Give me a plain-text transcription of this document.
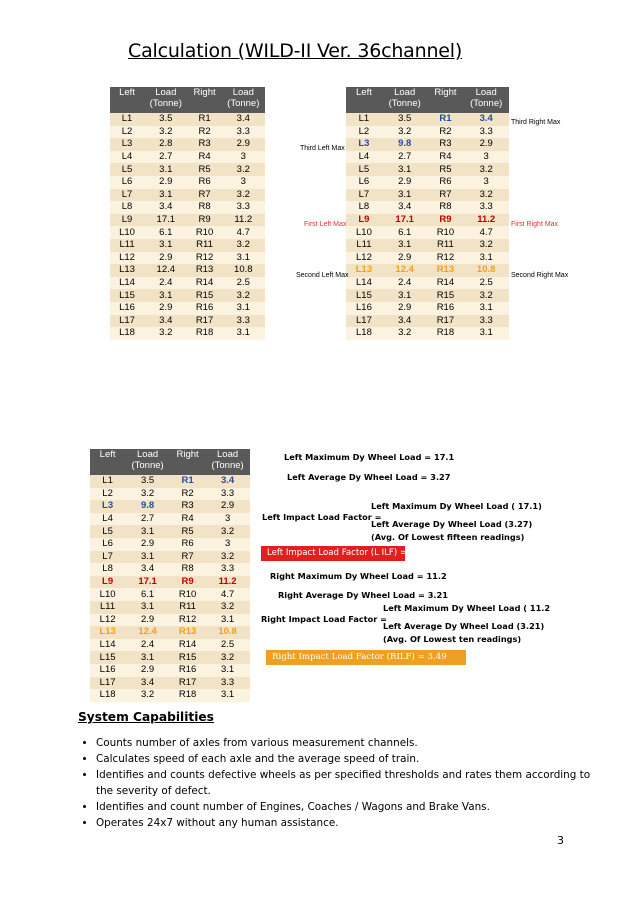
Calculation (WILD-II Ver. 36channel)
Left	Load (Tonne)	Right	Load (Tonne)
L1	3.5	R1	3.4
L2	3.2	R2	3.3
L3	2.8	R3	2.9
L4	2.7	R4	3
L5	3.1	R5	3.2
L6	2.9	R6	3
L7	3.1	R7	3.2
L8	3.4	R8	3.3
L9	17.1	R9	11.2
L10	6.1	R10	4.7
L11	3.1	R11	3.2
L12	2.9	R12	3.1
L13	12.4	R13	10.8
L14	2.4	R14	2.5
L15	3.1	R15	3.2
L16	2.9	R16	3.1
L17	3.4	R17	3.3
L18	3.2	R18	3.1
Left	Load (Tonne)	Right	Load (Tonne)
L1	3.5	R1	3.4
L2	3.2	R2	3.3
L3	9.8	R3	2.9
L4	2.7	R4	3
L5	3.1	R5	3.2
L6	2.9	R6	3
L7	3.1	R7	3.2
L8	3.4	R8	3.3
L9	17.1	R9	11.2
L10	6.1	R10	4.7
L11	3.1	R11	3.2
L12	2.9	R12	3.1
L13	12.4	R13	10.8
L14	2.4	R14	2.5
L15	3.1	R15	3.2
L16	2.9	R16	3.1
L17	3.4	R17	3.3
L18	3.2	R18	3.1
Left	Load (Tonne)	Right	Load (Tonne)
L1	3.5	R1	3.4
L2	3.2	R2	3.3
L3	9.8	R3	2.9
L4	2.7	R4	3
L5	3.1	R5	3.2
L6	2.9	R6	3
L7	3.1	R7	3.2
L8	3.4	R8	3.3
L9	17.1	R9	11.2
L10	6.1	R10	4.7
L11	3.1	R11	3.2
L12	2.9	R12	3.1
L13	12.4	R13	10.8
L14	2.4	R14	2.5
L15	3.1	R15	3.2
L16	2.9	R16	3.1
L17	3.4	R17	3.3
L18	3.2	R18	3.1
Third Left Max
First Left Max
Second Left Max
Third Right Max
First Right Max
Second Right Max
Left Maximum Dy Wheel Load = 17.1
Left Average Dy Wheel Load = 3.27
Left Impact Load Factor =
Left Maximum Dy Wheel Load ( 17.1)
Left Average Dy Wheel Load (3.27)
(Avg. Of Lowest fifteen readings)
Left Impact Load Factor (L ILF) = 5.23
Right Maximum Dy Wheel Load = 11.2
Right Average Dy Wheel Load = 3.21
Right Impact Load Factor =
Left Maximum Dy Wheel Load ( 11.2
Left Average Dy Wheel Load (3.21)
(Avg. Of Lowest ten readings)
Right Impact Load Factor (RILF) = 3.49
System Capabilities
• Counts number of axles from various measurement channels.
• Calculates speed of each axle and the average speed of train.
• Identifies and counts defective wheels as per specified thresholds and rates them according to the severity of defect.
• Identifies and count number of Engines, Coaches / Wagons and Brake Vans.
• Operates 24x7 without any human assistance.
3
